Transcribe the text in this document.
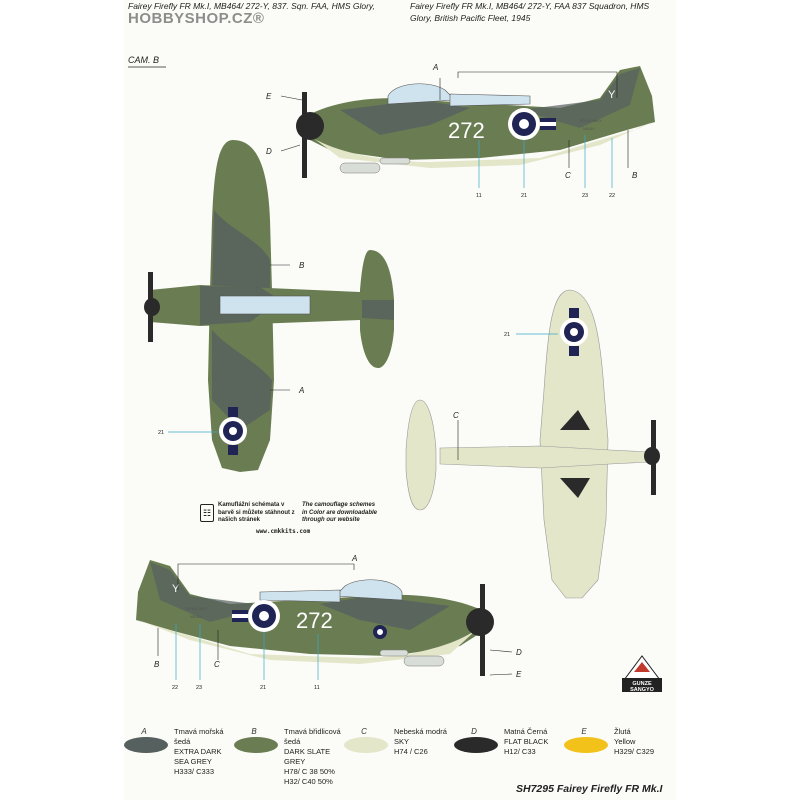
Fairey Firefly FR Mk.I, MB464/ 272-Y, 837. Sqn. FAA, HMS Glory,	Fairey Firefly FR Mk.I, MB464/ 272-Y, FAA 837 Squadron, HMS
Glory, British Pacific Fleet, 1945
HOBBYSHOP.CZ®
CAM. B
272
Y
ROYAL NAVY
MB464
272
Y
ROYAL NAVY
MB464
A
E
D
C	B
B
A
C
A
B	C
D
E
11	21	23	22
21
21
22	23	21	11
☷
Kamuflážní schémata v barvě si můžete stáhnout z našich stránek
The camouflage schemes in Color are downloadable through our website
www.cmkkits.com
GUNZE
SANGYO
A	Tmavá mořská šedá
EXTRA DARK SEA GREY
H333/ C333
B	Tmavá břidlicová šedá
DARK SLATE GREY
H78/ C 38 50%
H32/ C40 50%
C	Nebeská modrá
SKY
H74 / C26
D	Matná Černá
FLAT BLACK
H12/ C33
E	Žlutá
Yellow
H329/ C329
SH7295 Fairey Firefly FR Mk.I
